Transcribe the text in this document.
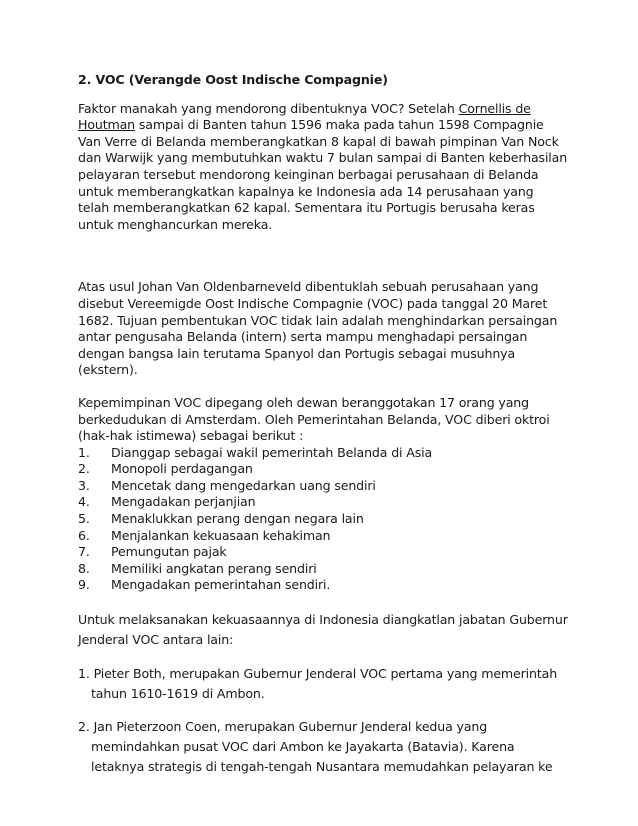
2. VOC (Verangde Oost Indische Compagnie)

Faktor manakah yang mendorong dibentuknya VOC? Setelah Cornellis de Houtman sampai di Banten tahun 1596 maka pada tahun 1598 Compagnie Van Verre di Belanda memberangkatkan 8 kapal di bawah pimpinan Van Nock dan Warwijk yang membutuhkan waktu 7 bulan sampai di Banten keberhasilan pelayaran tersebut mendorong keinginan berbagai perusahaan di Belanda untuk memberangkatkan kapalnya ke Indonesia ada 14 perusahaan yang telah memberangkatkan 62 kapal. Sementara itu Portugis berusaha keras untuk menghancurkan mereka.

Atas usul Johan Van Oldenbarneveld dibentuklah sebuah perusahaan yang disebut Vereemigde Oost Indische Compagnie (VOC) pada tanggal 20 Maret 1682. Tujuan pembentukan VOC tidak lain adalah menghindarkan persaingan antar pengusaha Belanda (intern) serta mampu menghadapi persaingan dengan bangsa lain terutama Spanyol dan Portugis sebagai musuhnya (ekstern).

Kepemimpinan VOC dipegang oleh dewan beranggotakan 17 orang yang berkedudukan di Amsterdam. Oleh Pemerintahan Belanda, VOC diberi oktroi (hak-hak istimewa) sebagai berikut :

1.	Dianggap sebagai wakil pemerintah Belanda di Asia
2.	Monopoli perdagangan
3.	Mencetak dang mengedarkan uang sendiri
4.	Mengadakan perjanjian
5.	Menaklukkan perang dengan negara lain
6.	Menjalankan kekuasaan kehakiman
7.	Pemungutan pajak
8.	Memiliki angkatan perang sendiri
9.	Mengadakan pemerintahan sendiri.

Untuk melaksanakan kekuasaannya di Indonesia diangkatlan jabatan Gubernur Jenderal VOC antara lain:

1. Pieter Both, merupakan Gubernur Jenderal VOC pertama yang memerintah tahun 1610-1619 di Ambon.
2. Jan Pieterzoon Coen, merupakan Gubernur Jenderal kedua yang memindahkan pusat VOC dari Ambon ke Jayakarta (Batavia). Karena letaknya strategis di tengah-tengah Nusantara memudahkan pelayaran ke
